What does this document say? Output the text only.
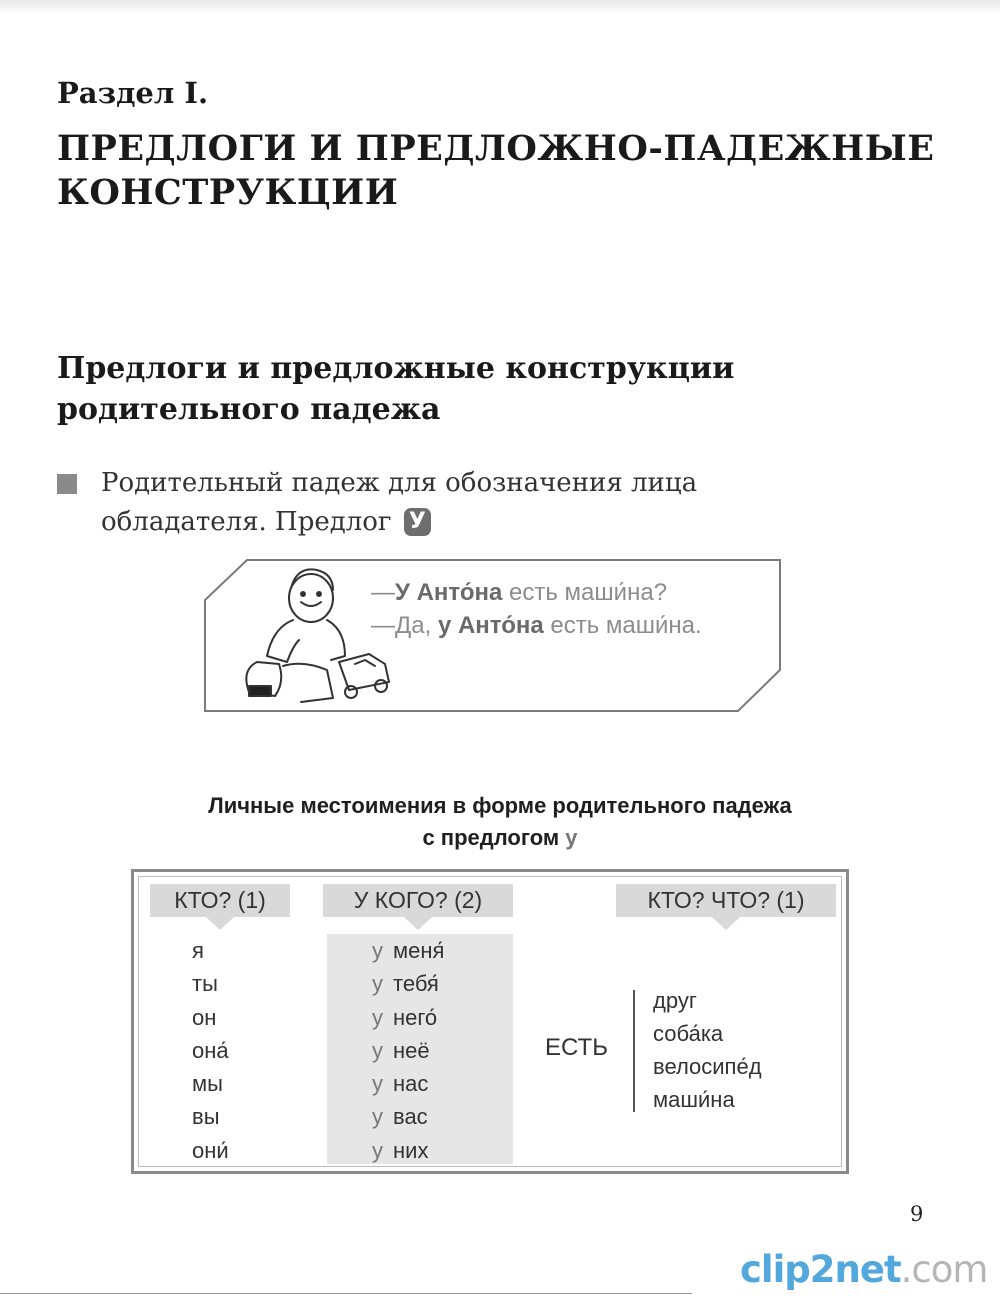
Раздел I.
ПРЕДЛОГИ И ПРЕДЛОЖНО-ПАДЕЖНЫЕ КОНСТРУКЦИИ
Предлоги и предложные конструкции родительного падежа
Родительный падеж для обозначения лица обладателя. Предлог У
—У Анто́на есть маши́на?
—Да, у Анто́на есть маши́на.
Личные местоимения в форме родительного падежа
с предлогом у
КТО? (1)	У КОГО? (2)	КТО? ЧТО? (1)
я
ты
он
она́
мы
вы
они́
у меня́
у тебя́
у него́
у неё
у нас
у вас
у них
ЕСТЬ
друг
соба́ка
велосипе́д
маши́на
9
clip2net.com
